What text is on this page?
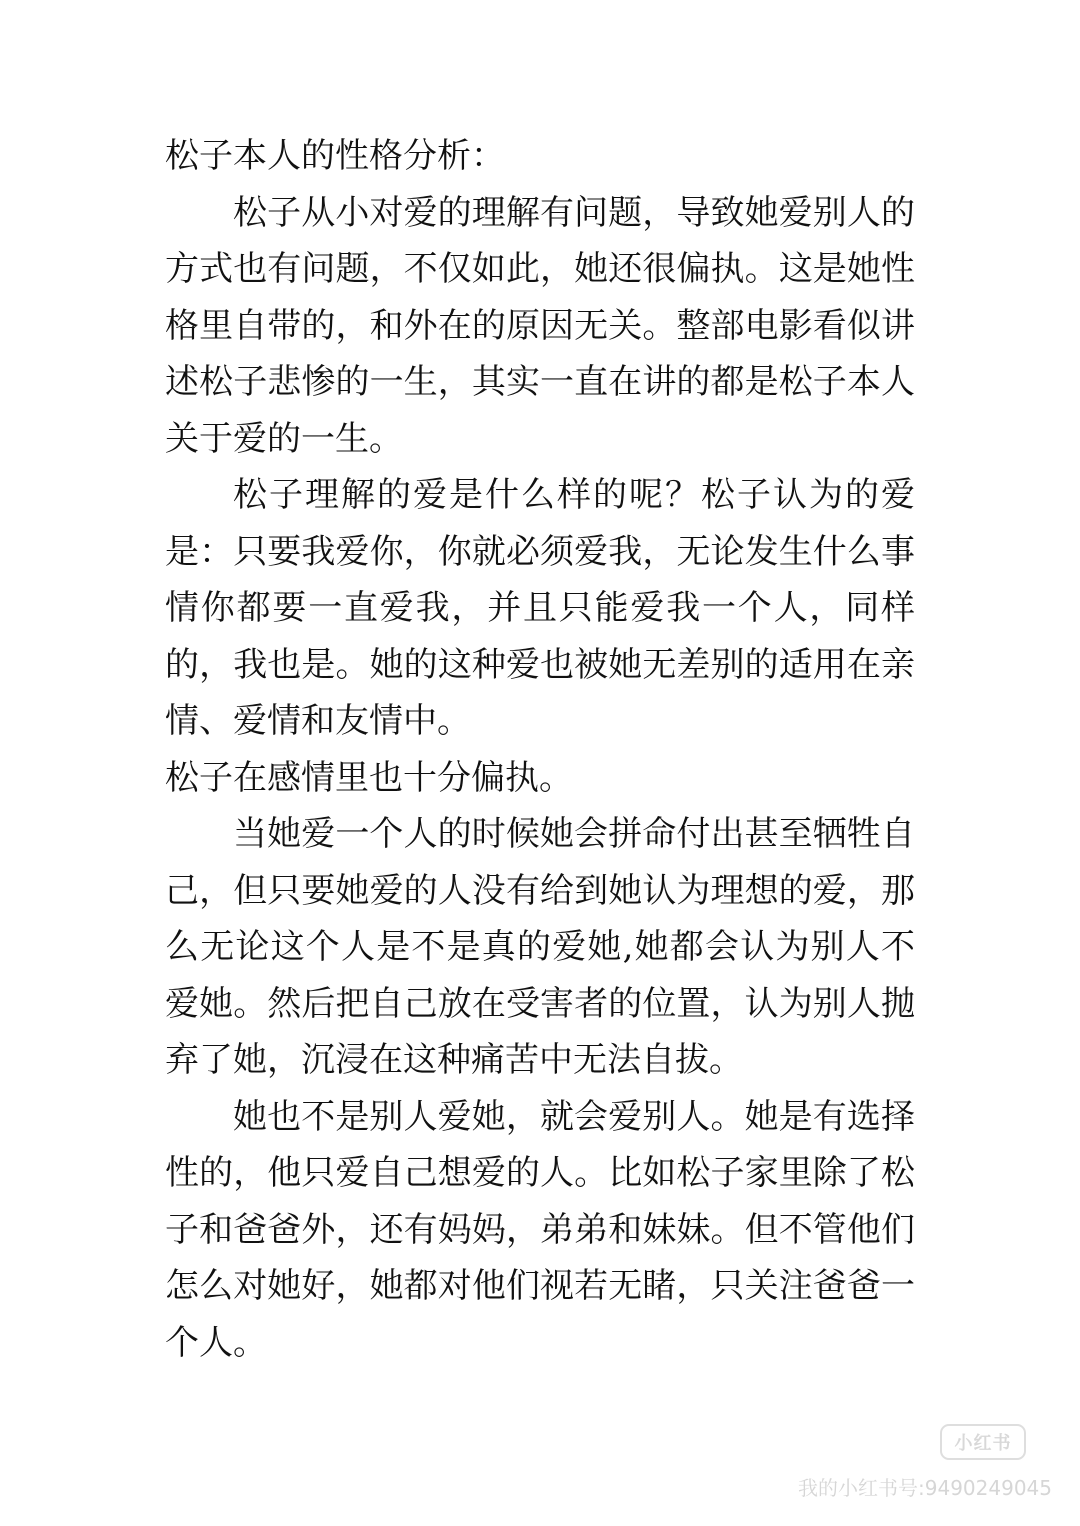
松子本人的性格分析：

松子从小对爱的理解有问题，导致她爱别人的方式也有问题，不仅如此，她还很偏执。这是她性格里自带的，和外在的原因无关。整部电影看似讲述松子悲惨的一生，其实一直在讲的都是松子本人关于爱的一生。

松子理解的爱是什么样的呢？松子认为的爱是：只要我爱你，你就必须爱我，无论发生什么事情你都要一直爱我，并且只能爱我一个人，同样的，我也是。她的这种爱也被她无差别的适用在亲情、爱情和友情中。

松子在感情里也十分偏执。

当她爱一个人的时候她会拼命付出甚至牺牲自己，但只要她爱的人没有给到她认为理想的爱，那么无论这个人是不是真的爱她,她都会认为别人不爱她。然后把自己放在受害者的位置，认为别人抛弃了她，沉浸在这种痛苦中无法自拔。

她也不是别人爱她，就会爱别人。她是有选择性的，他只爱自己想爱的人。比如松子家里除了松子和爸爸外，还有妈妈，弟弟和妹妹。但不管他们怎么对她好，她都对他们视若无睹，只关注爸爸一个人。

小红书
我的小红书号:9490249045
